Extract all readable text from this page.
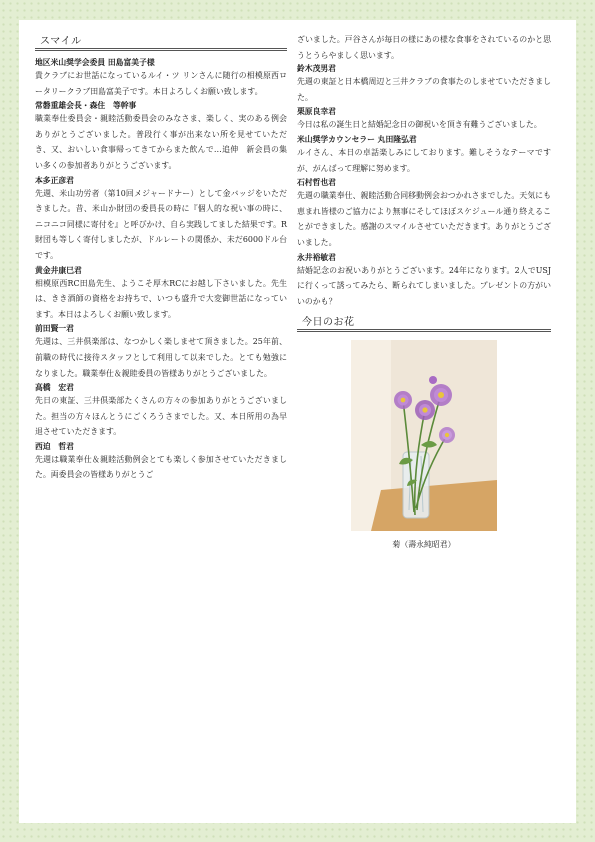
スマイル

地区米山奨学会委員 田島富美子様

貴クラブにお世話になっているルイ・ツ リンさんに随行の相模原西ロータリークラブ田島富美子です。本日よろしくお願い致します。

常磐重雄会長・森住　等幹事

職業奉仕委員会・親睦活動委員会のみなさま、楽しく、実のある例会ありがとうございました。普段行く事が出来ない所を見せていただき、又、おいしい食事帰ってきてからまた飲んで…追伸　新会員の集い多くの参加者ありがとうございます。

本多正彦君

先週、米山功労者（第10回メジャードナー）として金バッジをいただきました。昔、米山か財団の委員長の時に『個人的な祝い事の時に、ニコニコ同様に寄付を』と呼びかけ、自ら実践してました結果です。R財団も等しく寄付しましたが、ドルレートの関係か、未だ6000ドル台です。

黄金井康巳君

相模原西RC田島先生、ようこそ厚木RCにお越し下さいました。先生は、きき酒師の資格をお持ちで、いつも盛升で大変御世話になっています。本日はよろしくお願い致します。

前田賢一君

先週は、三井倶楽部は、なつかしく楽しませて頂きました。25年前、前職の時代に接待スタッフとして利用して以来でした。とても勉強になりました。職業奉仕＆親睦委員の皆様ありがとうございました。

高橋　宏君

先日の東証、三井倶楽部たくさんの方々の参加ありがとうございました。担当の方々ほんとうにごくろうさまでした。又、本日所用の為早退させていただきます。

西迫　哲君

先週は職業奉仕＆親睦活動例会とても楽しく参加させていただきました。両委員会の皆様ありがとうご

ざいました。戸谷さんが毎日の様にあの様な食事をされているのかと思うとうらやましく思います。

鈴木茂男君

先週の東証と日本橋周辺と三井クラブの食事たのしませていただきました。

栗原良幸君

今日は私の誕生日と結婚記念日の御祝いを頂き有難うございました。

米山奨学カウンセラー 丸田隆弘君

ルイさん、本日の卓話楽しみにしております。難しそうなテーマですが、がんばって理解に努めます。

石村哲也君

先週の職業奉仕、親睦活動合同移動例会おつかれさまでした。天気にも恵まれ皆様のご協力により無事にそしてほぼスケジュール通り終えることができました。感謝のスマイルさせていただきます。ありがとうございました。

永井裕敏君

結婚記念のお祝いありがとうございます。24年になります。2人でUSJに行くって誘ってみたら、断られてしまいました。プレゼントの方がいいのかも？

今日のお花
菊（壽永純昭君）
